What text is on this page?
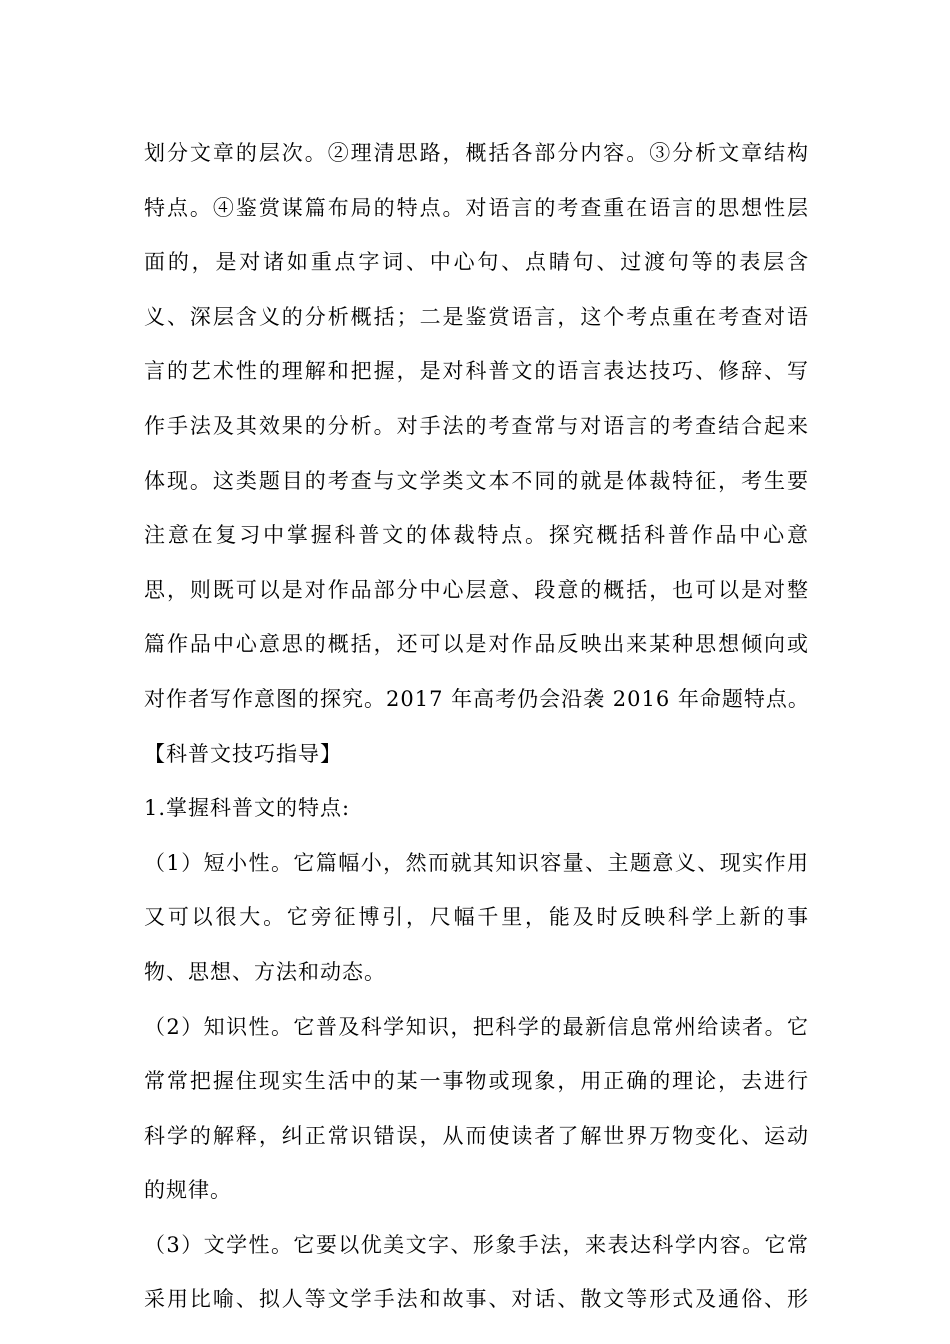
划分文章的层次。②理清思路，概括各部分内容。③分析文章结构
特点。④鉴赏谋篇布局的特点。对语言的考查重在语言的思想性层
面的，是对诸如重点字词、中心句、点睛句、过渡句等的表层含
义、深层含义的分析概括；二是鉴赏语言，这个考点重在考查对语
言的艺术性的理解和把握，是对科普文的语言表达技巧、修辞、写
作手法及其效果的分析。对手法的考查常与对语言的考查结合起来
体现。这类题目的考查与文学类文本不同的就是体裁特征，考生要
注意在复习中掌握科普文的体裁特点。探究概括科普作品中心意
思，则既可以是对作品部分中心层意、段意的概括，也可以是对整
篇作品中心意思的概括，还可以是对作品反映出来某种思想倾向或
对作者写作意图的探究。2017 年高考仍会沿袭 2016 年命题特点。
【科普文技巧指导】
1.掌握科普文的特点:
（1）短小性。它篇幅小，然而就其知识容量、主题意义、现实作用
又可以很大。它旁征博引，尺幅千里，能及时反映科学上新的事
物、思想、方法和动态。
（2）知识性。它普及科学知识，把科学的最新信息常州给读者。它
常常把握住现实生活中的某一事物或现象，用正确的理论，去进行
科学的解释，纠正常识错误，从而使读者了解世界万物变化、运动
的规律。
（3）文学性。它要以优美文字、形象手法，来表达科学内容。它常
采用比喻、拟人等文学手法和故事、对话、散文等形式及通俗、形
